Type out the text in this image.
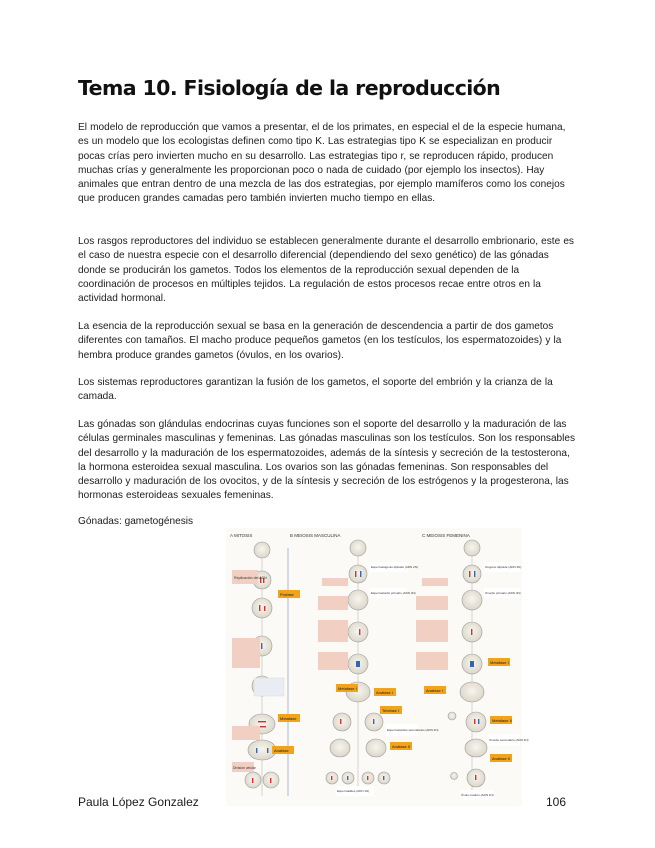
Tema 10. Fisiología de la reproducción

El modelo de reproducción que vamos a presentar, el de los primates, en especial el de la especie humana, es un modelo que los ecologistas definen como tipo K. Las estrategias tipo K se especializan en producir pocas crías pero invierten mucho en su desarrollo. Las estrategias tipo r, se reproducen rápido, producen muchas crías y generalmente les proporcionan poco o nada de cuidado (por ejemplo los insectos). Hay animales que entran dentro de una mezcla de las dos estrategias, por ejemplo mamíferos como los conejos que producen grandes camadas pero también invierten mucho tiempo en ellas.

Los rasgos reproductores del individuo se establecen generalmente durante el desarrollo embrionario, este es el caso de nuestra especie con el desarrollo diferencial (dependiendo del sexo genético) de las gónadas donde se producirán los gametos. Todos los elementos de la reproducción sexual dependen de la coordinación de procesos en múltiples tejidos. La regulación de estos procesos recae entre otros en la actividad hormonal.

La esencia de la reproducción sexual se basa en la generación de descendencia a partir de dos gametos diferentes con tamaños. El macho produce pequeños gametos (en los testículos, los espermatozoides) y la hembra produce grandes gametos (óvulos, en los ovarios).

Los sistemas reproductores garantizan la fusión de los gametos, el soporte del embrión y la crianza de la camada.

Las gónadas son glándulas endocrinas cuyas funciones son el soporte del desarrollo y la maduración de las células germinales masculinas y femeninas. Las gónadas masculinas son los testículos. Son los responsables del desarrollo y la maduración de los espermatozoides, además de la síntesis y secreción de la testosterona, la hormona esteroidea sexual masculina. Los ovarios son las gónadas femeninas. Son responsables del desarrollo y maduración de los ovocitos, y de la síntesis y secreción de los estrógenos y la progesterona, las hormonas esteroideas sexuales femeninas.

Gónadas: gametogénesis

A MITOSIS	B MEIOSIS MASCULINA	C MEIOSIS FEMENINA
Replicación del ADN
Profase
Metafase
Anafase
División celular
Espermatogonio diploide (ADN 2N)
Espermatocito primario (ADN 4N)
Metafase I
Anafase I
Telofase I
Espermatocitos secundarios (ADN 2N)
Anafase II
Espermátides (ADN 1N)
Oogonio diploide (ADN 2N)
Ovocito primario (ADN 4N)
Metafase I
Anafase I
Metafase II
Ovocito secundario (ADN 2N)
Anafase II
Óvulo maduro (ADN 1N)

Paula López Gonzalez	106
